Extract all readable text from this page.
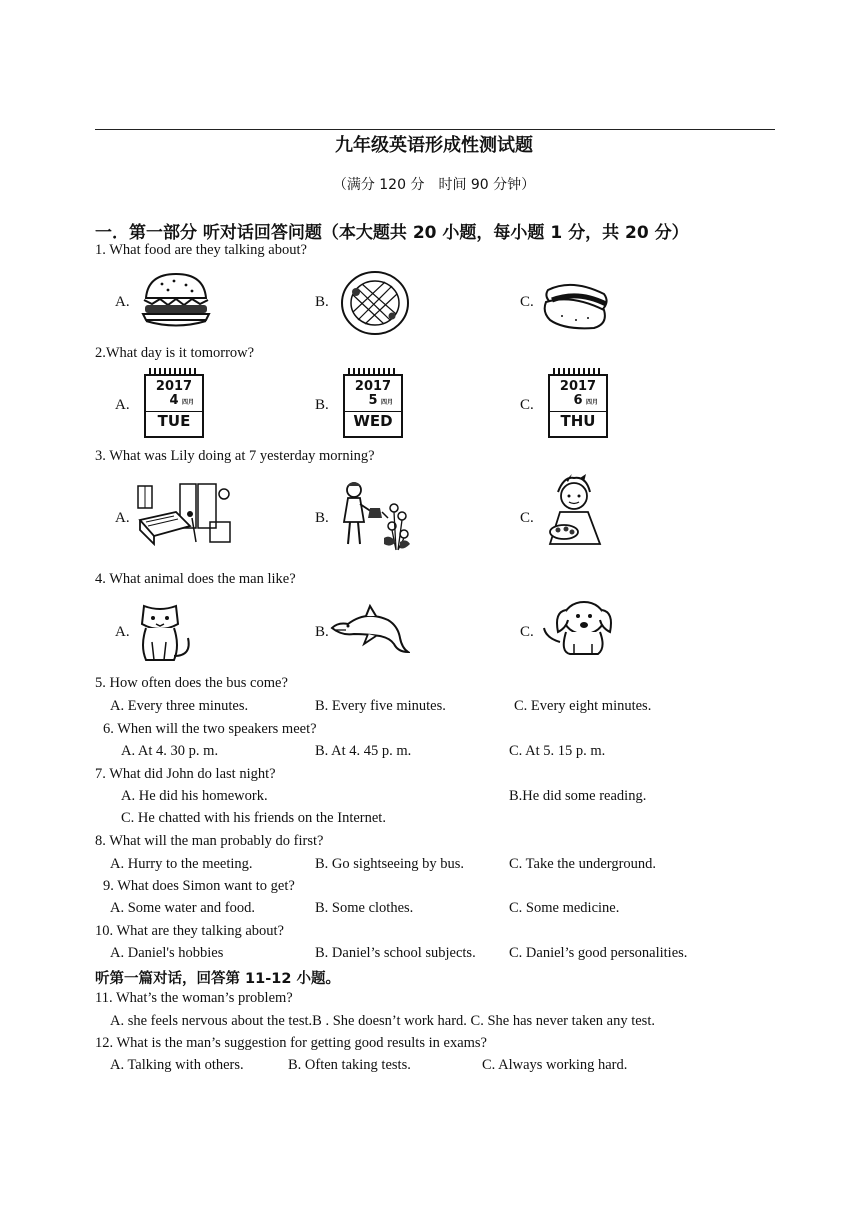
九年级英语形成性测试题
（满分 120 分　时间 90 分钟）
一．第一部分 听对话回答问题（本大题共 20 小题，每小题 1 分，共 20 分）
1. What food are they talking about?
A.	B.	C.
2.What day is it tomorrow?
A.
2017
4 四月
TUE
B.
2017
5 四月
WED
C.
2017
6 四月
THU
3. What was Lily doing at 7 yesterday morning?
A.	B.	C.
4. What animal does the man like?
A.	B.	C.
5. How often does the bus come?
A. Every three minutes.	B. Every five minutes.	C. Every eight minutes.
6. When will the two speakers meet?
A. At 4. 30 p. m.	B. At 4. 45 p. m.	C. At 5. 15 p. m.
7. What did John do last night?
A. He did his homework.	B.He did some reading.
C. He chatted with his friends on the Internet.
8. What will the man probably do first?
A. Hurry to the meeting.	B. Go sightseeing by bus.	C. Take the underground.
9. What does Simon want to get?
A. Some water and food.	B. Some clothes.	C. Some medicine.
10. What are they talking about?
A. Daniel's hobbies	B. Daniel’s school subjects. C. Daniel’s good personalities.
听第一篇对话，回答第 11-12 小题。
11. What’s the woman’s problem?
A. she feels nervous about the test.B . She doesn’t work hard. C. She has never taken any test.
12. What is the man’s suggestion for getting good results in exams?
A. Talking with others.	B. Often taking tests.	C. Always working hard.
